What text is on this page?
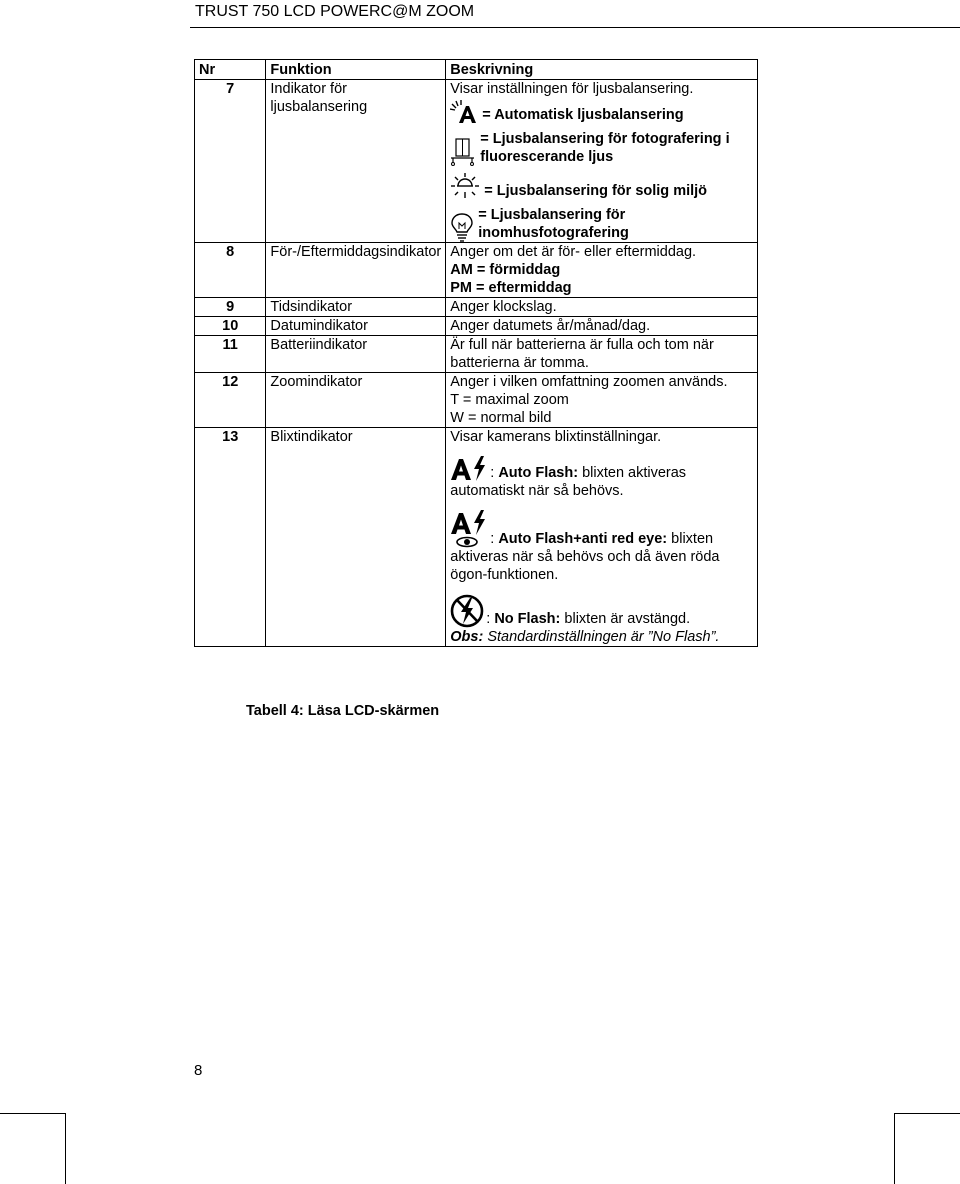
TRUST 750 LCD POWERC@M ZOOM
Nr	Funktion	Beskrivning
7	Indikator för ljusbalansering	Visar inställningen för ljusbalansering.
= Automatisk ljusbalansering
= Ljusbalansering för fotografering i fluorescerande ljus
= Ljusbalansering för solig miljö
= Ljusbalansering för inomhusfotografering

8	För-/Eftermiddagsindikator	Anger om det är för- eller eftermiddag.
AM = förmiddag
PM = eftermiddag

9	Tidsindikator	Anger klockslag.
10	Datumindikator	Anger datumets år/månad/dag.
11	Batteriindikator	Är full när batterierna är fulla och tom när batterierna är tomma.
12	Zoomindikator	Anger i vilken omfattning zoomen används.
T = maximal zoom
W = normal bild

13	Blixtindikator	Visar kamerans blixtinställningar.
: Auto Flash: blixten aktiveras automatiskt när så behövs.
: Auto Flash+anti red eye: blixten aktiveras när så behövs och då även röda ögon-funktionen.
: No Flash: blixten är avstängd.
Obs: Standardinställningen är ”No Flash”.
Tabell 4: Läsa LCD-skärmen
8
